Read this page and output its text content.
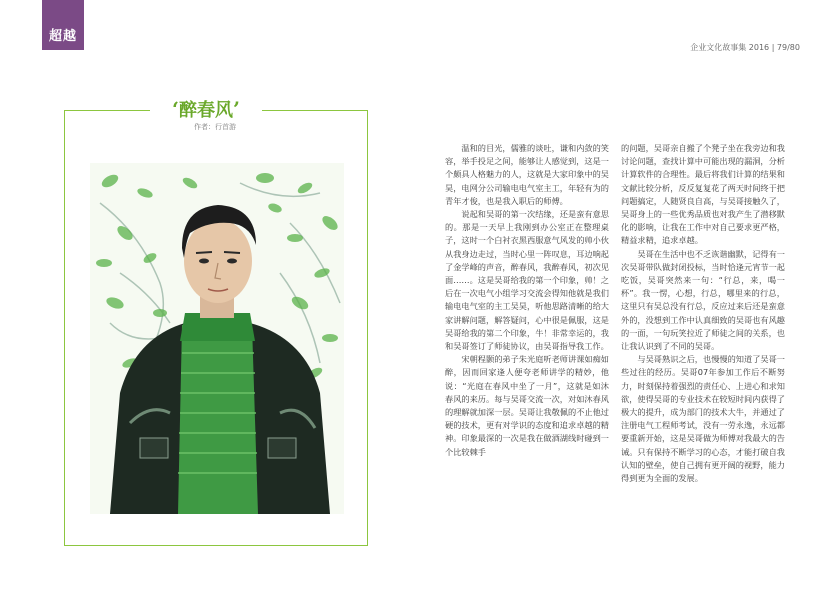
超越
企业文化故事集 2016 | 79/80
‘ 醉春风 ’
作者：行首游

温和的目光，儒雅的谈吐，谦和内敛的笑容，举手投足之间，能够让人感觉到，这是一个颇具人格魅力的人，这就是大家印象中的吴昊，电网分公司输电电气室主工，年轻有为的青年才俊，也是我入职后的师傅。

说起和吴哥的第一次结缘，还是蛮有意思的。那是一天早上我刚到办公室正在整理桌子，这时一个白衬衣黑西服意气风发的帅小伙从我身边走过，当时心里一阵叹息，耳边响起了金学峰的声音，醉春风，我醉春风，初次见面……。这是吴哥给我的第一个印象，帅！之后在一次电气小组学习交流会得知他就是我们输电电气室的主工吴昊，听他思路清晰的给大家讲解问题，解答疑问，心中很是佩服，这是吴哥给我的第二个印象，牛！非常幸运的，我和吴哥签订了师徒协议，由吴哥指导我工作。

宋朝程颢的弟子朱光庭听老师讲课如痴如醉，因而回家逢人便夸老师讲学的精妙，他说：“光庭在春风中坐了一月”，这就是如沐春风的来历。每与吴哥交流一次，对如沐春风的理解就加深一层。吴哥让我敬佩的不止他过硬的技术，更有对学识的态度和追求卓越的精神。印象最深的一次是我在做酒湖线时碰到一个比较棘手

的问题，吴哥亲自搬了个凳子坐在我旁边和我讨论问题，查找计算中可能出现的漏洞，分析计算软件的合理性。最后将我们计算的结果和文献比较分析，反反复复花了两天时间终于把问题搞定，人随贤良自高，与吴哥接触久了，吴哥身上的一些优秀品质也对我产生了潜移默化的影响，让我在工作中对自己要求更严格，精益求精，追求卓越。

吴哥在生活中也不乏诙谐幽默，记得有一次吴哥带队做封闭投标，当时恰逢元宵节一起吃饭，吴哥突然来一句：“行总，来，喝一杯”。我一愣，心想，行总，哪里来的行总，这里只有吴总没有行总，反应过来后还是蛮意外的，没想到工作中认真细致的吴哥也有风趣的一面，一句玩笑拉近了师徒之间的关系，也让我认识到了不同的吴哥。

与吴哥熟识之后，也慢慢的知道了吴哥一些过往的经历。吴哥07年参加工作后不断努力，时刻保持着强烈的责任心、上进心和求知欲，使得吴哥的专业技术在较短时间内获得了极大的提升，成为部门的技术大牛，并通过了注册电气工程师考试，没有一劳永逸，永远都要重新开始，这是吴哥做为师傅对我最大的告诫。只有保持不断学习的心态，才能打破自我认知的壁垒，使自己拥有更开阔的视野，能力得到更为全面的发展。
